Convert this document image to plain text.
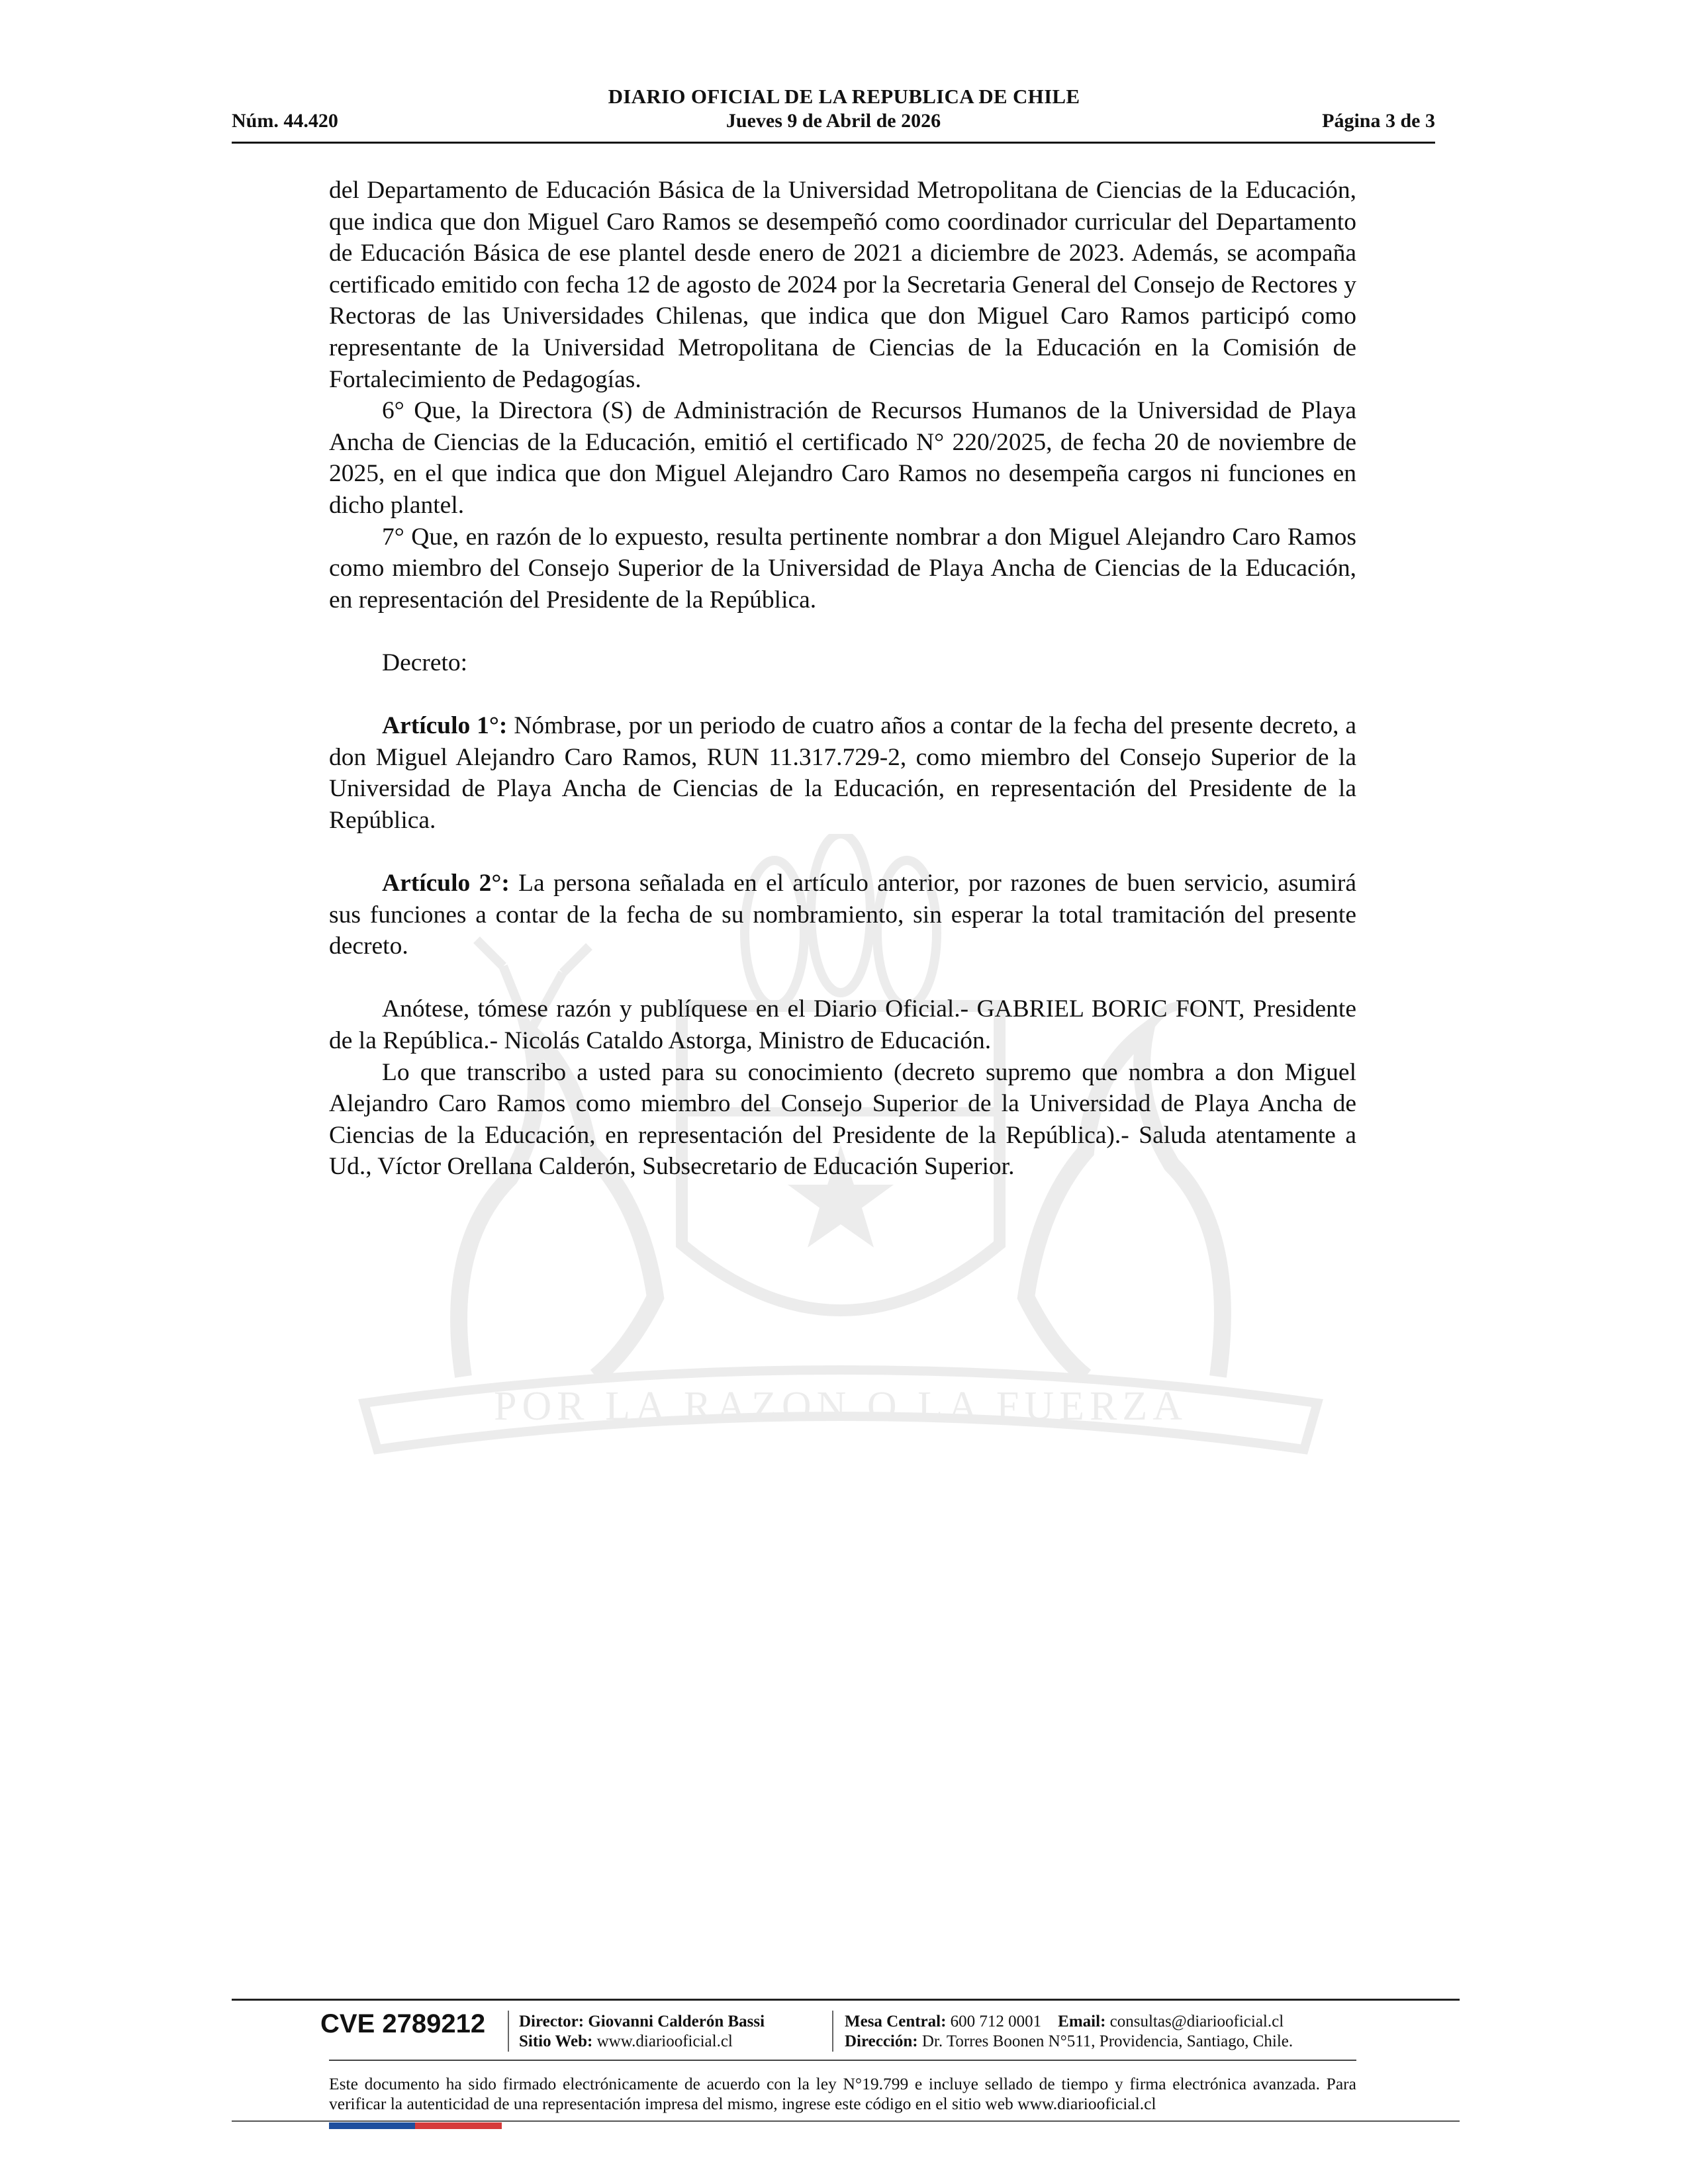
POR LA RAZON O LA FUERZA
DIARIO OFICIAL DE LA REPUBLICA DE CHILE
Jueves 9 de Abril de 2026
Núm. 44.420	Página 3 de 3

del Departamento de Educación Básica de la Universidad Metropolitana de Ciencias de la Educación, que indica que don Miguel Caro Ramos se desempeñó como coordinador curricular del Departamento de Educación Básica de ese plantel desde enero de 2021 a diciembre de 2023. Además, se acompaña certificado emitido con fecha 12 de agosto de 2024 por la Secretaria General del Consejo de Rectores y Rectoras de las Universidades Chilenas, que indica que don Miguel Caro Ramos participó como representante de la Universidad Metropolitana de Ciencias de la Educación en la Comisión de Fortalecimiento de Pedagogías.

6° Que, la Directora (S) de Administración de Recursos Humanos de la Universidad de Playa Ancha de Ciencias de la Educación, emitió el certificado N° 220/2025, de fecha 20 de noviembre de 2025, en el que indica que don Miguel Alejandro Caro Ramos no desempeña cargos ni funciones en dicho plantel.

7° Que, en razón de lo expuesto, resulta pertinente nombrar a don Miguel Alejandro Caro Ramos como miembro del Consejo Superior de la Universidad de Playa Ancha de Ciencias de la Educación, en representación del Presidente de la República.

Decreto:

Artículo 1°: Nómbrase, por un periodo de cuatro años a contar de la fecha del presente decreto, a don Miguel Alejandro Caro Ramos, RUN 11.317.729-2, como miembro del Consejo Superior de la Universidad de Playa Ancha de Ciencias de la Educación, en representación del Presidente de la República.

Artículo 2°: La persona señalada en el artículo anterior, por razones de buen servicio, asumirá sus funciones a contar de la fecha de su nombramiento, sin esperar la total tramitación del presente decreto.

Anótese, tómese razón y publíquese en el Diario Oficial.- GABRIEL BORIC FONT, Presidente de la República.- Nicolás Cataldo Astorga, Ministro de Educación.

Lo que transcribo a usted para su conocimiento (decreto supremo que nombra a don Miguel Alejandro Caro Ramos como miembro del Consejo Superior de la Universidad de Playa Ancha de Ciencias de la Educación, en representación del Presidente de la República).- Saluda atentamente a Ud., Víctor Orellana Calderón, Subsecretario de Educación Superior.

CVE 2789212 Director: Giovanni Calderón Bassi
Sitio Web: www.diariooficial.cl
Mesa Central: 600 712 0001 Email: consultas@diariooficial.cl
Dirección: Dr. Torres Boonen N°511, Providencia, Santiago, Chile.
Este documento ha sido firmado electrónicamente de acuerdo con la ley N°19.799 e incluye sellado de tiempo y firma electrónica avanzada. Para verificar la autenticidad de una representación impresa del mismo, ingrese este código en el sitio web www.diariooficial.cl
